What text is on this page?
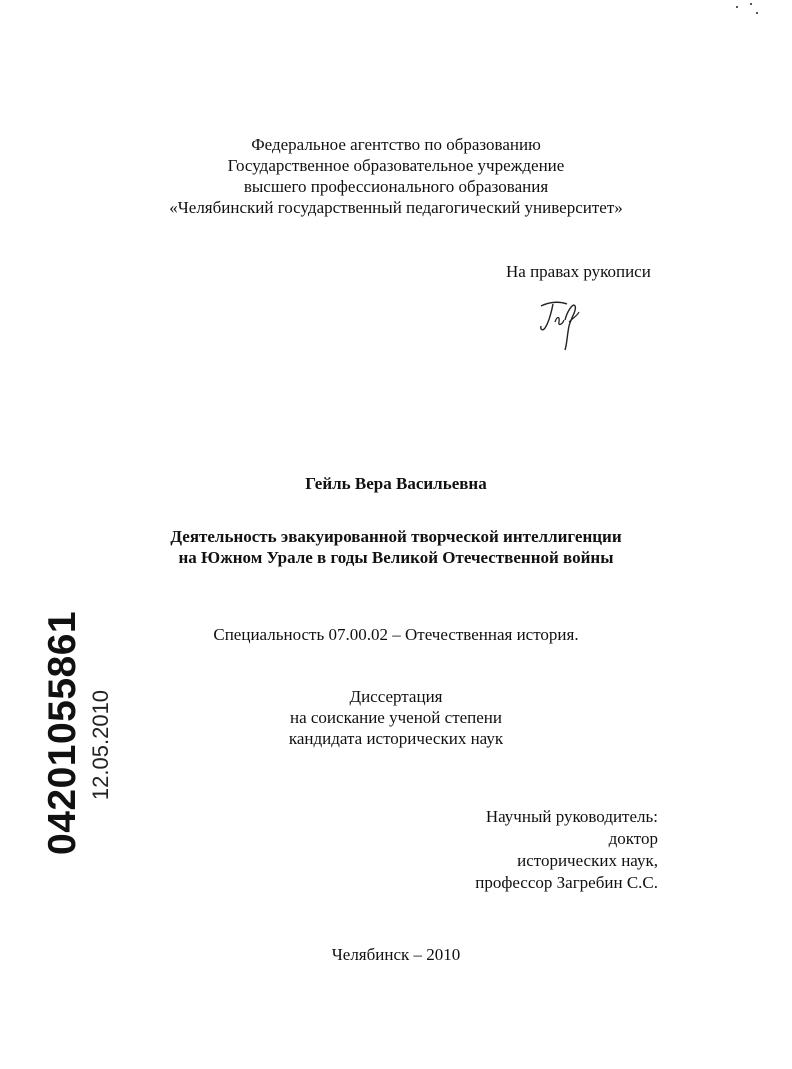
Федеральное агентство по образованию
Государственное образовательное учреждение
высшего профессионального образования
«Челябинский государственный педагогический университет»
На правах рукописи
Гейль Вера Васильевна
Деятельность эвакуированной творческой интеллигенции
на Южном Урале в годы Великой Отечественной войны
Специальность 07.00.02 – Отечественная история.
Диссертация
на соискание ученой степени
кандидата исторических наук
Научный руководитель:
доктор
исторических наук,
профессор Загребин С.С.
Челябинск – 2010
04201055861 12.05.2010
